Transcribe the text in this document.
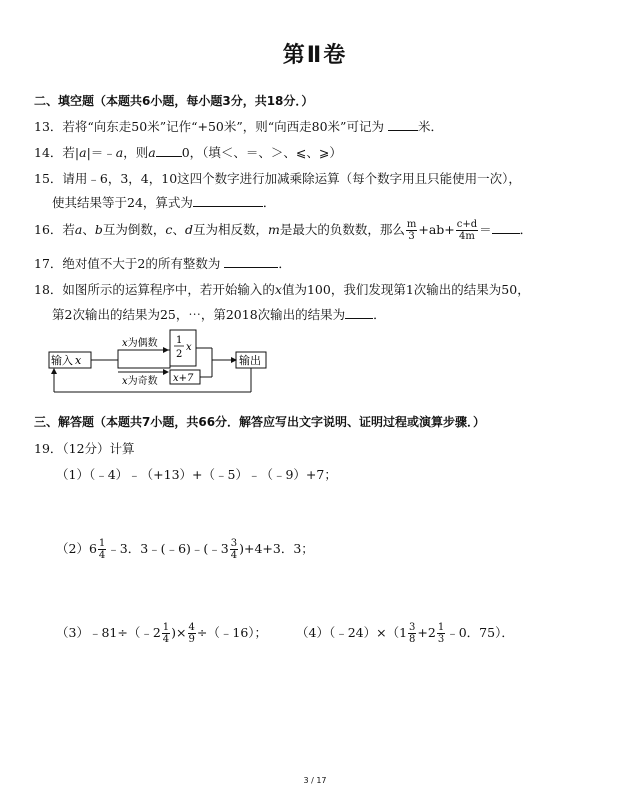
第Ⅱ卷
二、填空题（本题共6小题，每小题3分，共18分．）
13．若将“向东走50米”记作“+50米”，则“向西走80米”可记为	米．
14．若|a|＝﹣a，则a 0，（填＜、＝、＞、⩽、⩾）
15．请用﹣6，3，4，10这四个数字进行加减乘除运算（每个数字用且只能使用一次），
使其结果等于24，算式为	．
16．若a、b互为倒数，c、d互为相反数，m是最大的负数数，那么 $\frac{m}{3} +ab+ \frac{c+d}{4m}$ ＝ ．
17．绝对值不大于2的所有整数为	．
18．如图所示的运算程序中，若开始输入的x值为100，我们发现第1次输出的结果为50，
第2次输出的结果为25，⋯，第2018次输出的结果为 ．
输入 x
x为偶数
x为奇数
1
2
x
x+7
输出
三、解答题（本题共7小题，共66分．解答应写出文字说明、证明过程或演算步骤．）
19．（12分）计算
（1）（﹣4）﹣（+13）+（﹣5）﹣（﹣9）+7；
$(2)6 \frac{1}{4}$ ﹣3．3﹣(﹣6)﹣(﹣3 $\frac{3}{4} )+4+3$．3；
（3）﹣81÷（﹣2 $\frac{1}{4}$ )× $\frac{4}{9}$ ÷（﹣16）； （4）（﹣24）×（1 $\frac{3}{8} +2 \frac{1}{3}$ ﹣0．75）．
3 / 17
